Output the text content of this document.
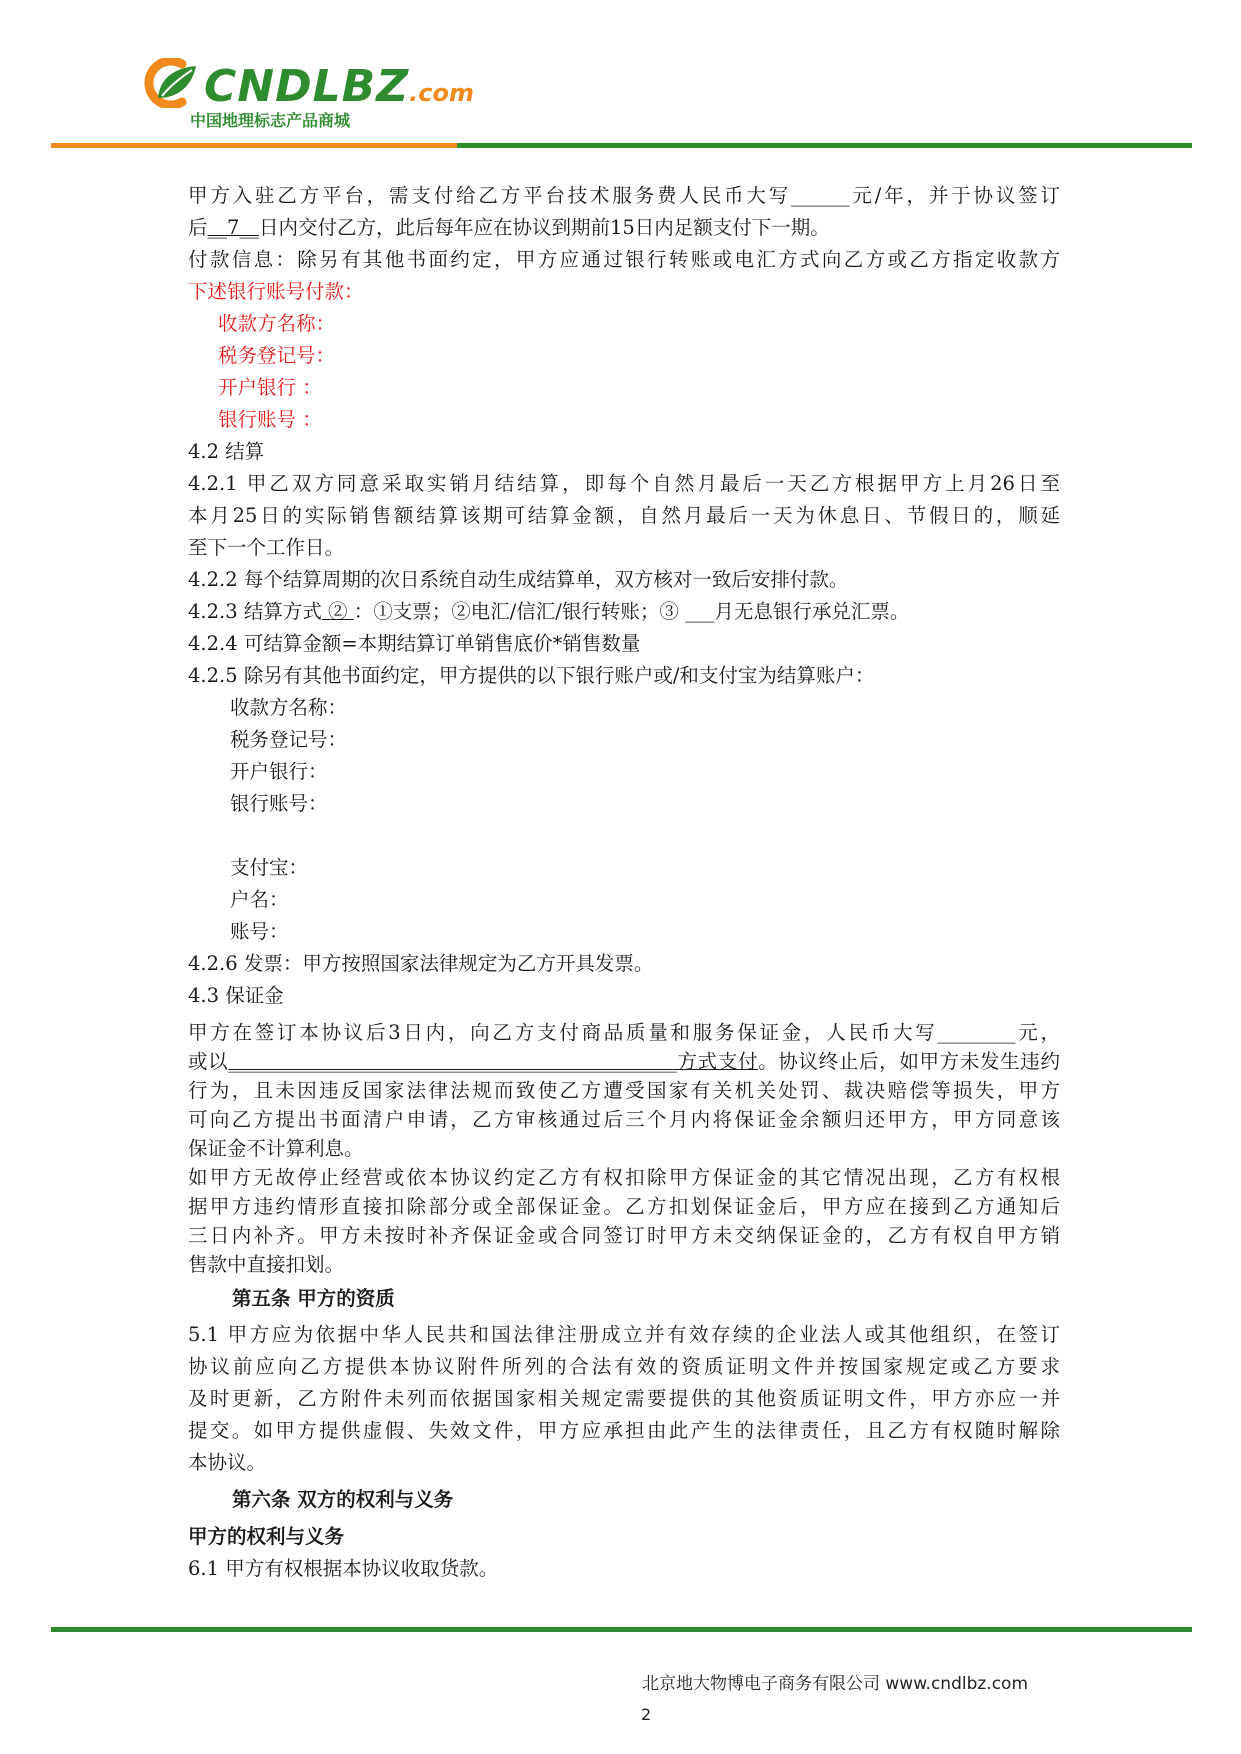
CNDLBZ.com
中国地理标志产品商城

甲方入驻乙方平台，需支付给乙方平台技术服务费人民币大写______元/年，并于协议签订

后__7__日内交付乙方，此后每年应在协议到期前15日内足额支付下一期。

付款信息：除另有其他书面约定，甲方应通过银行转账或电汇方式向乙方或乙方指定收款方

下述银行账号付款：

收款方名称：

税务登记号：

开户银行 ：

银行账号 ：

4.2 结算

4.2.1 甲乙双方同意采取实销月结结算，即每个自然月最后一天乙方根据甲方上月26日至

本月25日的实际销售额结算该期可结算金额，自然月最后一天为休息日、节假日的，顺延

至下一个工作日。

4.2.2 每个结算周期的次日系统自动生成结算单，双方核对一致后安排付款。

4.2.3 结算方式 ② ：①支票；②电汇/信汇/银行转账；③ ___月无息银行承兑汇票。

4.2.4 可结算金额=本期结算订单销售底价*销售数量

4.2.5 除另有其他书面约定，甲方提供的以下银行账户或/和支付宝为结算账户：

收款方名称：

税务登记号：

开户银行：

银行账号：

支付宝：

户名：

账号：

4.2.6 发票：甲方按照国家法律规定为乙方开具发票。

4.3 保证金

甲方在签订本协议后3日内，向乙方支付商品质量和服务保证金，人民币大写________元，

或以______________________________________________方式支付。协议终止后，如甲方未发生违约

行为，且未因违反国家法律法规而致使乙方遭受国家有关机关处罚、裁决赔偿等损失，甲方

可向乙方提出书面清户申请，乙方审核通过后三个月内将保证金余额归还甲方，甲方同意该

保证金不计算利息。

如甲方无故停止经营或依本协议约定乙方有权扣除甲方保证金的其它情况出现，乙方有权根

据甲方违约情形直接扣除部分或全部保证金。乙方扣划保证金后，甲方应在接到乙方通知后

三日内补齐。甲方未按时补齐保证金或合同签订时甲方未交纳保证金的，乙方有权自甲方销

售款中直接扣划。

第五条 甲方的资质

5.1 甲方应为依据中华人民共和国法律注册成立并有效存续的企业法人或其他组织，在签订

协议前应向乙方提供本协议附件所列的合法有效的资质证明文件并按国家规定或乙方要求

及时更新，乙方附件未列而依据国家相关规定需要提供的其他资质证明文件，甲方亦应一并

提交。如甲方提供虚假、失效文件，甲方应承担由此产生的法律责任，且乙方有权随时解除

本协议。

第六条 双方的权利与义务

甲方的权利与义务

6.1 甲方有权根据本协议收取货款。

北京地大物博电子商务有限公司 www.cndlbz.com
2
